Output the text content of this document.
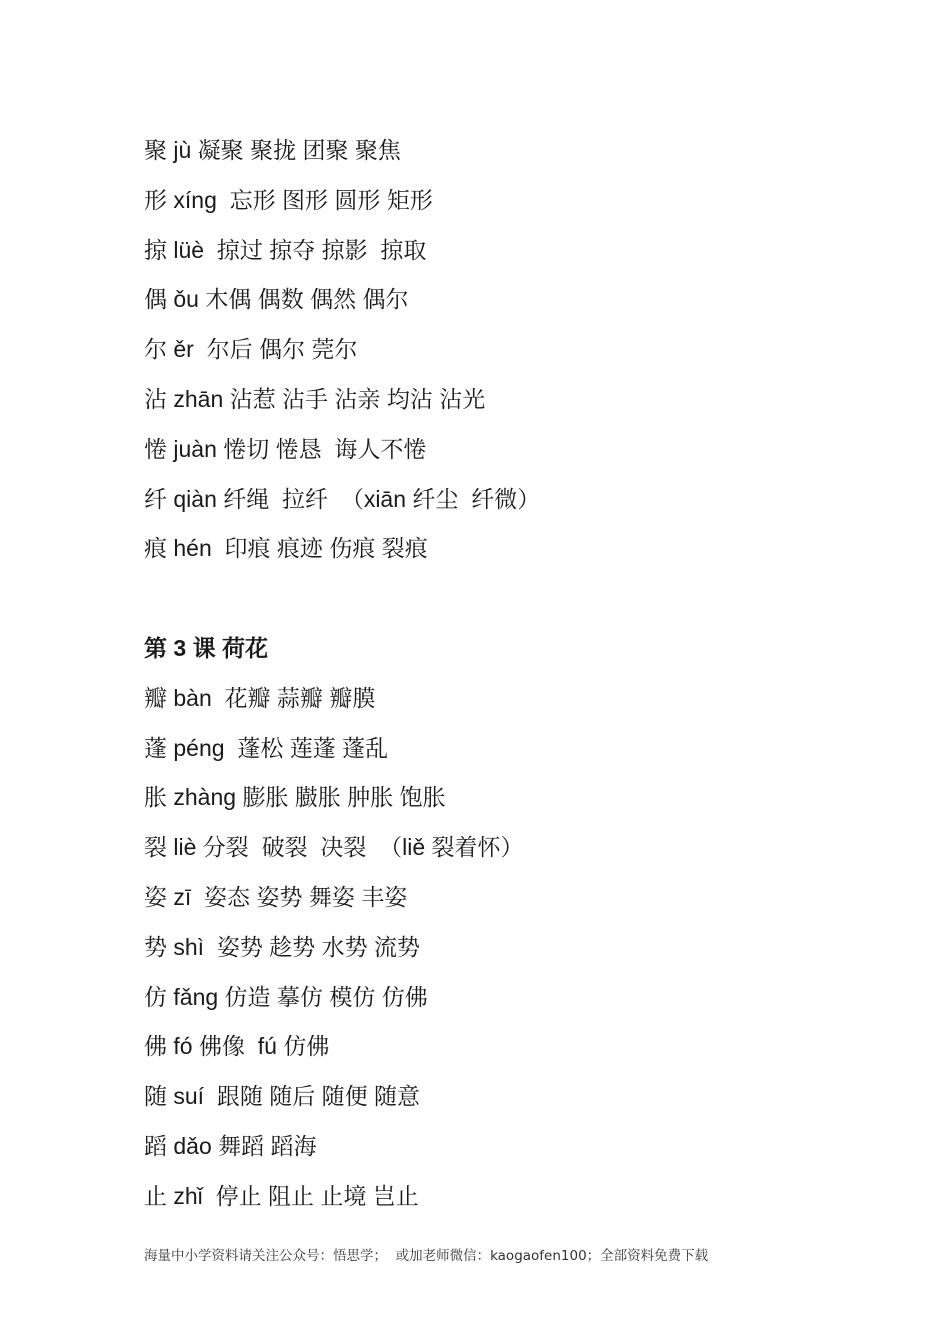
聚 jù 凝聚 聚拢 团聚 聚焦
形 xíng  忘形 图形 圆形 矩形
掠 lüè  掠过 掠夺 掠影  掠取
偶 ǒu 木偶 偶数 偶然 偶尔
尔 ěr  尔后 偶尔 莞尔
沾 zhān 沾惹 沾手 沾亲 均沾 沾光
惓 juàn 惓切 惓恳  诲人不惓
纤 qiàn 纤绳  拉纤  （xiān 纤尘  纤微）
痕 hén  印痕 痕迹 伤痕 裂痕
第 3 课 荷花
瓣 bàn  花瓣 蒜瓣 瓣膜
蓬 péng  蓬松 莲蓬 蓬乱
胀 zhàng 膨胀 臌胀 肿胀 饱胀
裂 liè 分裂  破裂  决裂  （liě 裂着怀）
姿 zī  姿态 姿势 舞姿 丰姿
势 shì  姿势 趁势 水势 流势
仿 fǎng 仿造 摹仿 模仿 仿佛
佛 fó 佛像  fú 仿佛
随 suí  跟随 随后 随便 随意
蹈 dǎo 舞蹈 蹈海
止 zhǐ  停止 阻止 止境 岂止
海量中小学资料请关注公众号：悟思学；  或加老师微信：kaogaofen100；全部资料免费下载
